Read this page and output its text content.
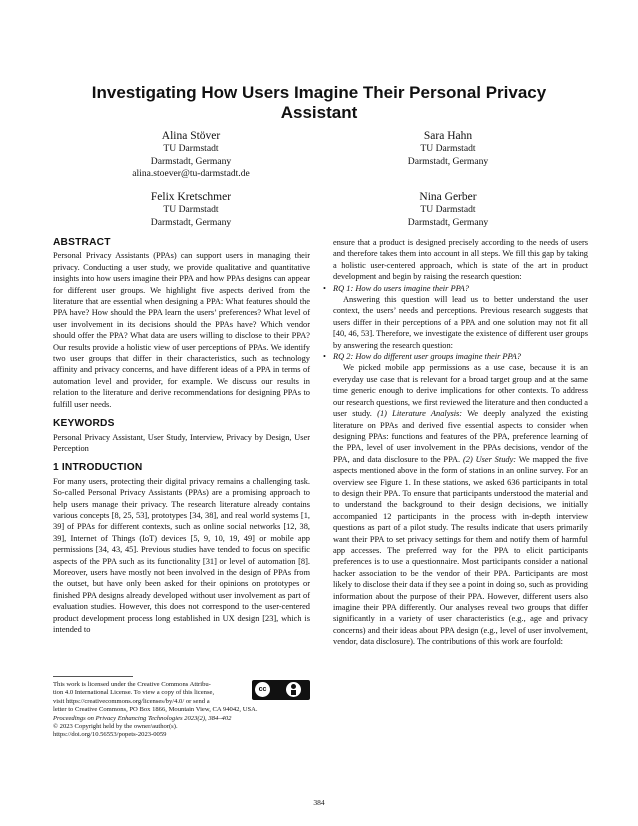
Investigating How Users Imagine Their Personal Privacy Assistant
Alina Stöver
TU Darmstadt
Darmstadt, Germany
alina.stoever@tu-darmstadt.de
Sara Hahn
TU Darmstadt
Darmstadt, Germany
Felix Kretschmer
TU Darmstadt
Darmstadt, Germany
Nina Gerber
TU Darmstadt
Darmstadt, Germany
ABSTRACT

Personal Privacy Assistants (PPAs) can support users in managing their privacy. Conducting a user study, we provide qualitative and quantitative insights into how users imagine their PPA and how PPAs designs can appear for different user groups. We highlight five aspects derived from the literature that are essential when designing a PPA: What features should the PPA have? How should the PPA learn the users’ preferences? What level of user involvement in its decisions should the PPAs have? Which vendor should offer the PPA? What data are users willing to disclose to their PPA? Our results provide a holistic view of user perceptions of PPAs. We identify two user groups that differ in their characteristics, such as technology affinity and privacy concerns, and have different ideas of a PPA in terms of automation level and provider, for example. We discuss our results in relation to the literature and derive recommendations for designing PPAs to fulfill user needs.

KEYWORDS

Personal Privacy Assistant, User Study, Interview, Privacy by Design, User Perception

1 INTRODUCTION

For many users, protecting their digital privacy remains a challenging task. So-called Personal Privacy Assistants (PPAs) are a promising approach to help users manage their privacy. The research literature already contains various concepts [8, 25, 53], prototypes [34, 38], and real world systems [1, 39] of PPAs for different contexts, such as online social networks [12, 38, 39], Internet of Things (IoT) devices [5, 9, 10, 19, 49] or mobile app permissions [34, 43, 45]. Previous studies have tended to focus on specific aspects of the PPA such as its functionality [31] or level of automation [8]. Moreover, users have mostly not been involved in the design of PPAs from the outset, but have only been asked for their opinions on prototypes or finished PPA designs already developed without user involvement as part of evaluation studies. However, this does not correspond to the user-centered product development process long established in UX design [23], which is intended to

ensure that a product is designed precisely according to the needs of users and therefore takes them into account in all steps. We fill this gap by taking a holistic user-centered approach, which is state of the art in product development and begin by raising the research question:

• RQ 1: How do users imagine their PPA?

Answering this question will lead us to better understand the user context, the users’ needs and perceptions. Previous research suggests that users differ in their perceptions of a PPA and one solution may not fit all [40, 46, 53]. Therefore, we investigate the existence of different user groups by answering the research question:

• RQ 2: How do different user groups imagine their PPA?

We picked mobile app permissions as a use case, because it is an everyday use case that is relevant for a broad target group and at the same time generic enough to derive implications for other contexts. To address our research questions, we first reviewed the literature and then conducted a user study. (1) Literature Analysis: We deeply analyzed the existing literature on PPAs and derived five essential aspects to consider when designing PPAs: functions and features of the PPA, preference learning of the PPA, level of user involvement in the PPAs decisions, vendor of the PPA, and data disclosure to the PPA. (2) User Study: We mapped the five aspects mentioned above in the form of stations in an online survey. For an overview see Figure 1. In these stations, we asked 636 participants in total to design their PPA. To ensure that participants understood the material and to understand the background to their design decisions, we initially accompanied 12 participants in the process with in-depth interview questions as part of a pilot study. The results indicate that users primarily want their PPA to set privacy settings for them and notify them of harmful app accesses. The preferred way for the PPA to elicit participants preferences is to use a questionnaire. Most participants consider a national hacker association to be the vendor of their PPA. Participants are most likely to disclose their data if they see a point in doing so, such as providing information about the purpose of their PPA. However, different users also imagine their PPA differently. Our analyses reveal two groups that differ significantly in a variety of user characteristics (e.g., age and privacy concerns) and their ideas about PPA design (e.g., level of user involvement, vendor, data disclosure). The contributions of this work are fourfold:

cc
This work is licensed under the Creative Commons Attribu-
tion 4.0 International License. To view a copy of this license,
visit https://creativecommons.org/licenses/by/4.0/ or send a
letter to Creative Commons, PO Box 1866, Mountain View, CA 94042, USA.
Proceedings on Privacy Enhancing Technologies 2023(2), 384–402
© 2023 Copyright held by the owner/author(s).
https://doi.org/10.56553/popets-2023-0059
384
